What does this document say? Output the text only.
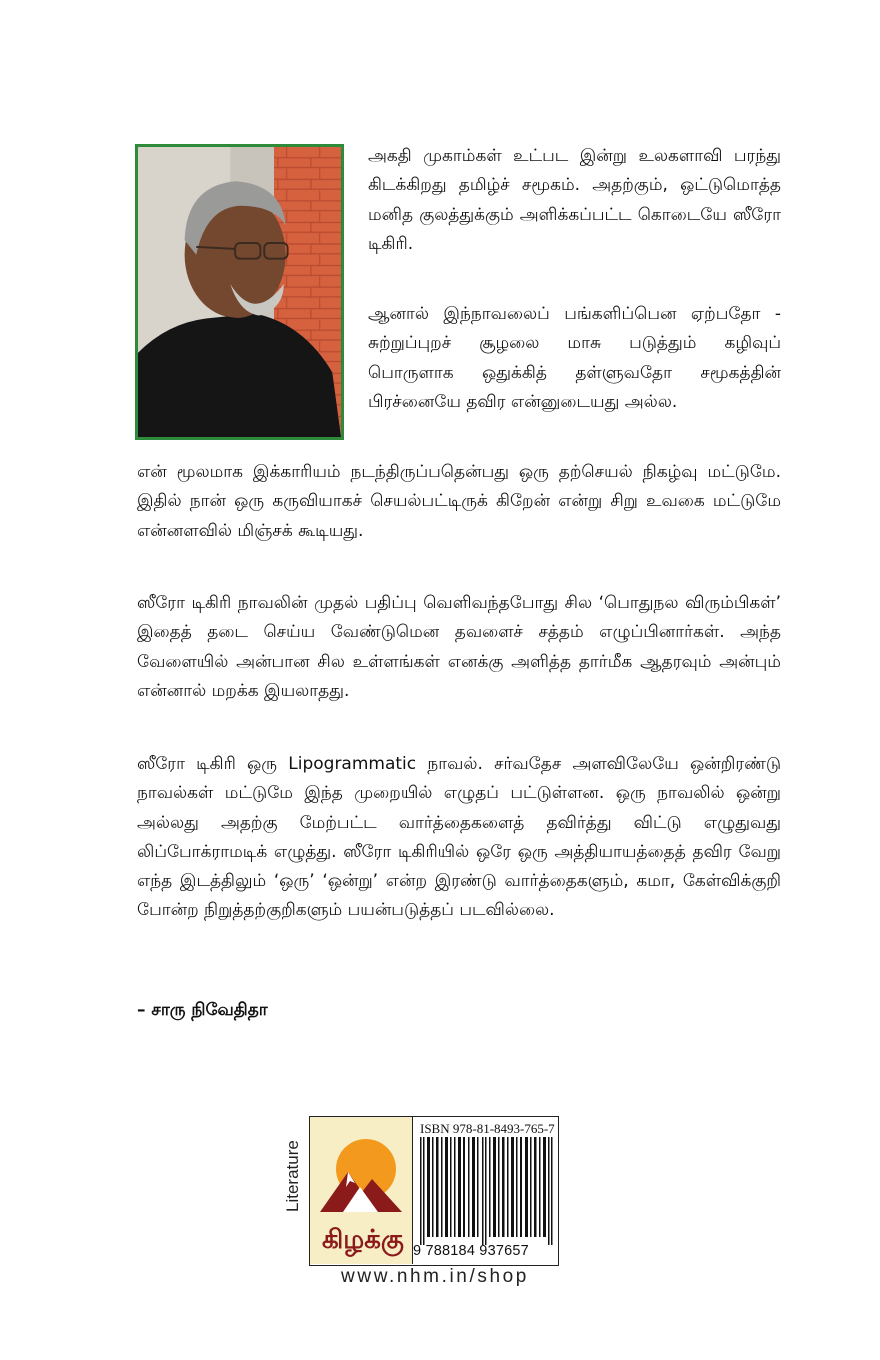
அகதி முகாம்கள் உட்பட இன்று உலகளாவி பரந்து கிடக்கிறது தமிழ்ச் சமூகம். அதற்கும், ஒட்டுமொத்த மனித குலத்துக்கும் அளிக்கப்பட்ட கொடையே ஸீரோ டிகிரி.

ஆனால் இந்நாவலைப் பங்களிப்பென ஏற்பதோ - சுற்றுப்புறச் சூழலை மாசு படுத்தும் கழிவுப் பொருளாக ஒதுக்கித் தள்ளுவதோ சமூகத்தின் பிரச்னையே தவிர என்னுடையது அல்ல.

என் மூலமாக இக்காரியம் நடந்திருப்பதென்பது ஒரு தற்செயல் நிகழ்வு மட்டுமே. இதில் நான் ஒரு கருவியாகச் செயல்பட்டிருக் கிறேன் என்று சிறு உவகை மட்டுமே என்னளவில் மிஞ்சக் கூடியது.

ஸீரோ டிகிரி நாவலின் முதல் பதிப்பு வெளிவந்தபோது சில ‘பொதுநல விரும்பிகள்’ இதைத் தடை செய்ய வேண்டுமென தவளைச் சத்தம் எழுப்பினார்கள். அந்த வேளையில் அன்பான சில உள்ளங்கள் எனக்கு அளித்த தார்மீக ஆதரவும் அன்பும் என்னால் மறக்க இயலாதது.

ஸீரோ டிகிரி ஒரு Lipogrammatic நாவல். சர்வதேச அளவிலேயே ஒன்றிரண்டு நாவல்கள் மட்டுமே இந்த முறையில் எழுதப் பட்டுள்ளன. ஒரு நாவலில் ஒன்று அல்லது அதற்கு மேற்பட்ட வார்த்தைகளைத் தவிர்த்து விட்டு எழுதுவது லிப்போக்ராமடிக் எழுத்து. ஸீரோ டிகிரியில் ஒரே ஒரு அத்தியாயத்தைத் தவிர வேறு எந்த இடத்திலும் ‘ஒரு’ ‘ஒன்று’ என்ற இரண்டு வார்த்தைகளும், கமா, கேள்விக்குறி போன்ற நிறுத்தற்குறிகளும் பயன்படுத்தப் படவில்லை.

– சாரு நிவேதிதா
Literature
கிழக்கு
ISBN 978-81-8493-765-7
9 788184 937657
www.nhm.in/shop
